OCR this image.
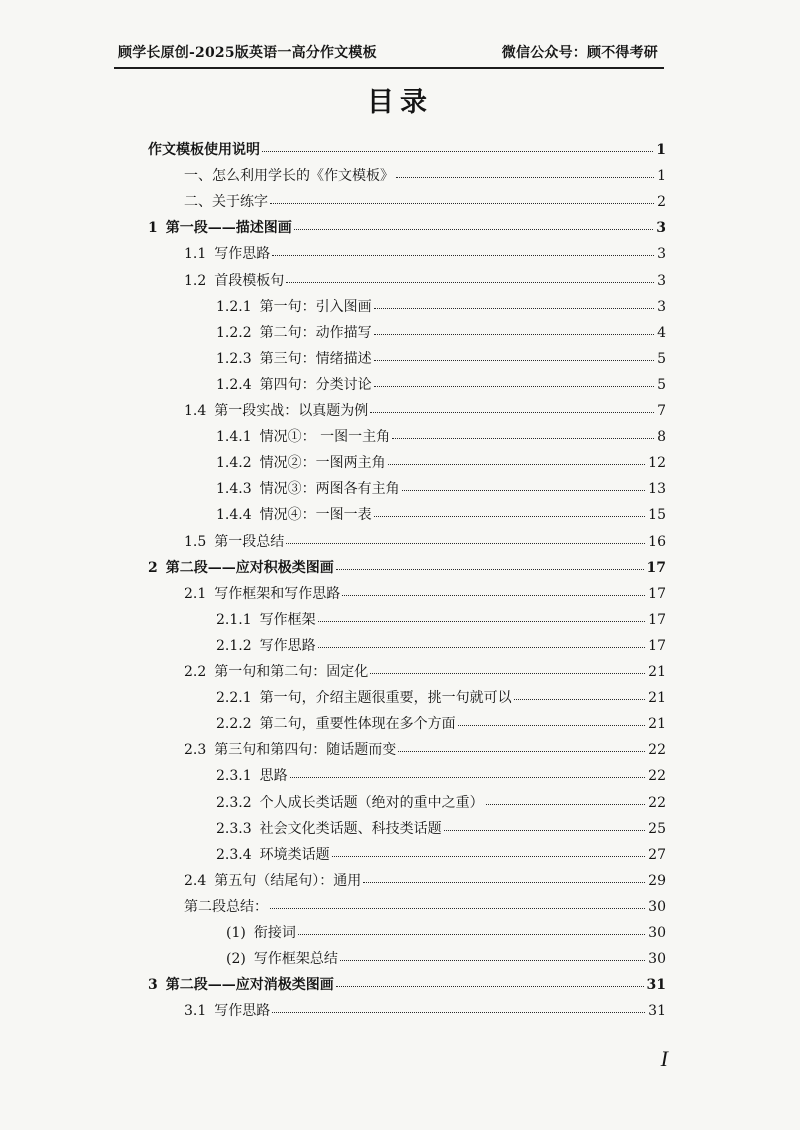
顾学长原创-2025版英语一高分作文模板	微信公众号：顾不得考研
目录
作文模板使用说明	1
一、怎么利用学长的《作文模板》	1
二、关于练字	2
1 第一段——描述图画	3
1.1 写作思路	3
1.2 首段模板句	3
1.2.1 第一句：引入图画	3
1.2.2 第二句：动作描写	4
1.2.3 第三句：情绪描述	5
1.2.4 第四句：分类讨论	5
1.4 第一段实战：以真题为例	7
1.4.1 情况①： 一图一主角	8
1.4.2 情况②：一图两主角	12
1.4.3 情况③：两图各有主角	13
1.4.4 情况④：一图一表	15
1.5 第一段总结	16
2 第二段——应对积极类图画	17
2.1 写作框架和写作思路	17
2.1.1 写作框架	17
2.1.2 写作思路	17
2.2 第一句和第二句：固定化	21
2.2.1 第一句，介绍主题很重要，挑一句就可以	21
2.2.2 第二句，重要性体现在多个方面	21
2.3 第三句和第四句：随话题而变	22
2.3.1 思路	22
2.3.2 个人成长类话题（绝对的重中之重）	22
2.3.3 社会文化类话题、科技类话题	25
2.3.4 环境类话题	27
2.4 第五句（结尾句）：通用	29
第二段总结：	30
(1) 衔接词	30
(2) 写作框架总结	30
3 第二段——应对消极类图画	31
3.1 写作思路	31
I
